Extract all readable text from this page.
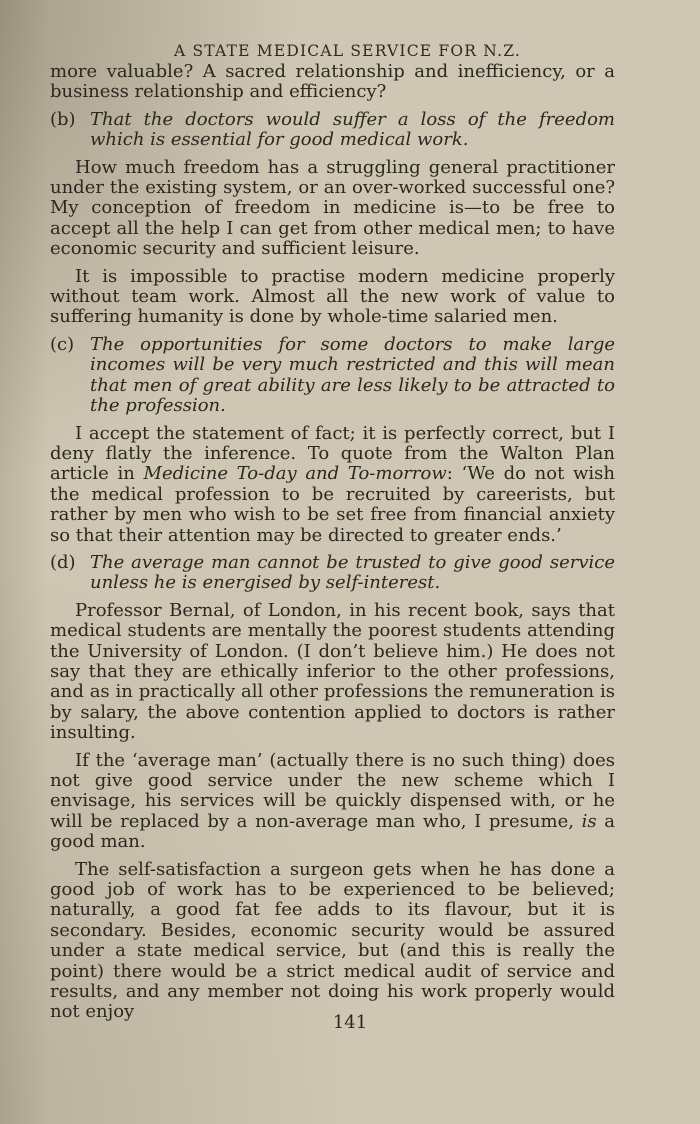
A STATE MEDICAL SERVICE FOR N.Z.

more valuable? A sacred relationship and inefficiency, or a business relationship and efficiency?

(b) That the doctors would suffer a loss of the freedom which is essential for good medical work.

How much freedom has a struggling general practitioner under the existing system, or an over-worked successful one? My conception of freedom in medicine is—to be free to accept all the help I can get from other medical men; to have economic security and sufficient leisure.

It is impossible to practise modern medicine properly without team work. Almost all the new work of value to suffering humanity is done by whole-time salaried men.

(c) The opportunities for some doctors to make large incomes will be very much restricted and this will mean that men of great ability are less likely to be attracted to the profession.

I accept the statement of fact; it is perfectly correct, but I deny flatly the inference. To quote from the Walton Plan article in Medicine To-day and To-morrow: ‘We do not wish the medical profession to be recruited by careerists, but rather by men who wish to be set free from financial anxiety so that their attention may be directed to greater ends.’

(d) The average man cannot be trusted to give good service unless he is energised by self-interest.

Professor Bernal, of London, in his recent book, says that medical students are mentally the poorest students attending the University of London. (I don’t believe him.) He does not say that they are ethically inferior to the other professions, and as in practically all other professions the remuneration is by salary, the above contention applied to doctors is rather insulting.

If the ‘average man’ (actually there is no such thing) does not give good service under the new scheme which I envisage, his services will be quickly dispensed with, or he will be replaced by a non-average man who, I presume, is a good man.

The self-satisfaction a surgeon gets when he has done a good job of work has to be experienced to be believed; naturally, a good fat fee adds to its flavour, but it is secondary. Besides, economic security would be assured under a state medical service, but (and this is really the point) there would be a strict medical audit of service and results, and any member not doing his work properly would not enjoy

141
